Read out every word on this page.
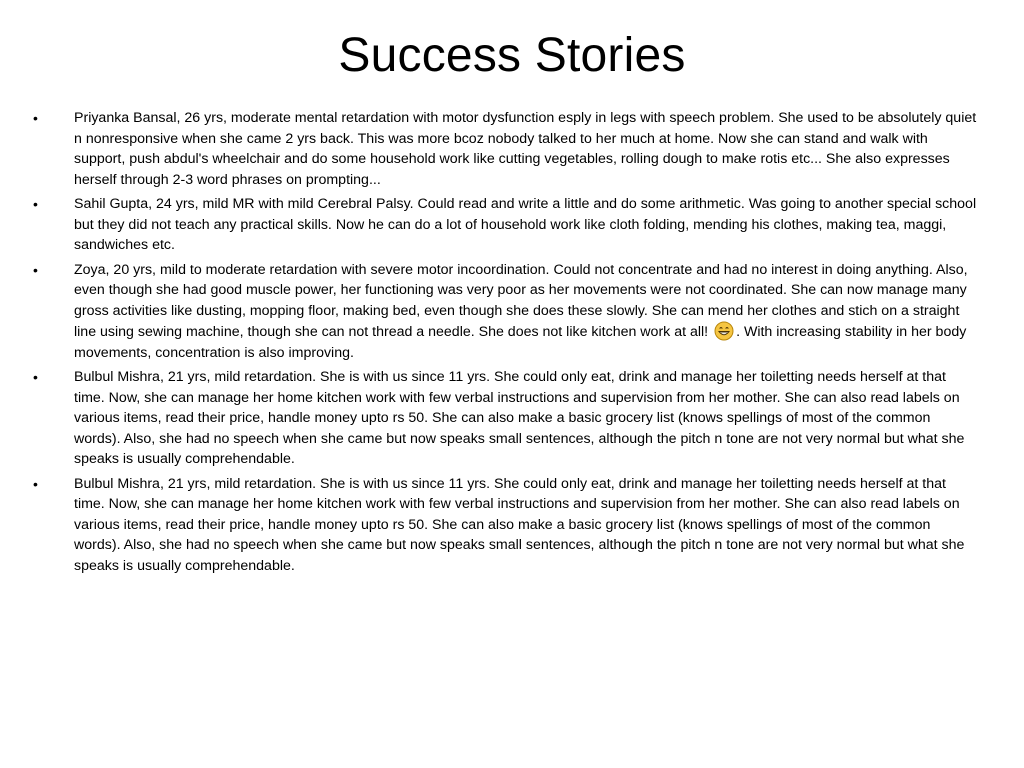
Success Stories
•	Priyanka Bansal, 26 yrs, moderate mental retardation with motor dysfunction esply in legs with speech problem. She used to be absolutely quiet n nonresponsive when she came 2 yrs back. This was more bcoz nobody talked to her much at home. Now she can stand and walk with support, push abdul's wheelchair and do some household work like cutting vegetables, rolling dough to make rotis etc... She also expresses herself through 2-3 word phrases on prompting...
•	Sahil Gupta, 24 yrs, mild MR with mild Cerebral Palsy. Could read and write a little and do some arithmetic. Was going to another special school but they did not teach any practical skills. Now he can do a lot of household work like cloth folding, mending his clothes, making tea, maggi, sandwiches etc.
•	Zoya, 20 yrs, mild to moderate retardation with severe motor incoordination. Could not concentrate and had no interest in doing anything. Also, even though she had good muscle power, her functioning was very poor as her movements were not coordinated. She can now manage many gross activities like dusting, mopping floor, making bed, even though she does these slowly. She can mend her clothes and stich on a straight line using sewing machine, though she can not thread a needle. She does not like kitchen work at all! . With increasing stability in her body movements, concentration is also improving.
•	Bulbul Mishra, 21 yrs, mild retardation. She is with us since 11 yrs. She could only eat, drink and manage her toiletting needs herself at that time. Now, she can manage her home kitchen work with few verbal instructions and supervision from her mother. She can also read labels on various items, read their price, handle money upto rs 50. She can also make a basic grocery list (knows spellings of most of the common words). Also, she had no speech when she came but now speaks small sentences, although the pitch n tone are not very normal but what she speaks is usually comprehendable.
•	Bulbul Mishra, 21 yrs, mild retardation. She is with us since 11 yrs. She could only eat, drink and manage her toiletting needs herself at that time. Now, she can manage her home kitchen work with few verbal instructions and supervision from her mother. She can also read labels on various items, read their price, handle money upto rs 50. She can also make a basic grocery list (knows spellings of most of the common words). Also, she had no speech when she came but now speaks small sentences, although the pitch n tone are not very normal but what she speaks is usually comprehendable.
